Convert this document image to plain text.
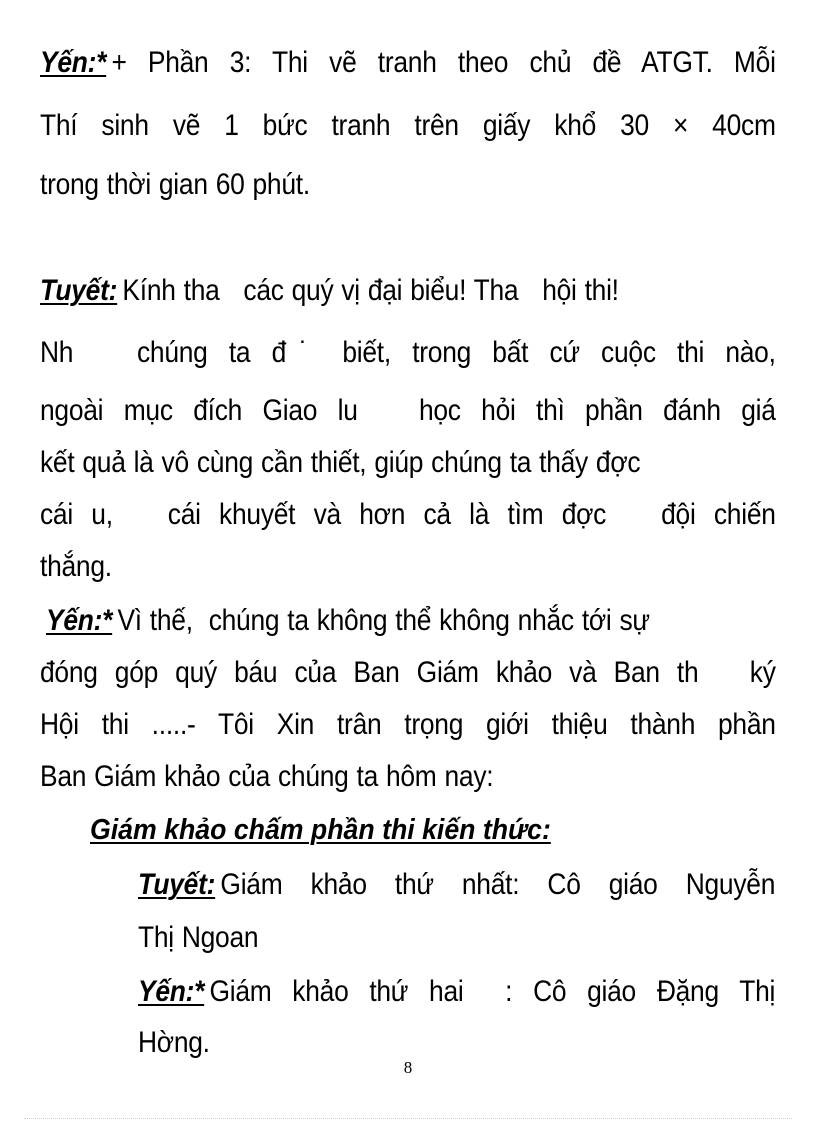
Yến:* + Phần 3: Thi vẽ tranh theo chủ đề ATGT. Mỗi
Thí sinh vẽ 1 bức tranh trên giấy khổ 30 × 40cm
trong thời gian 60 phút.
Tuyết: Kính tha   các quý vị đại biểu! Tha   hội thi!
Nh   chúng ta đ˙ biết, trong bất cứ cuộc thi nào,
ngoài mục đích Giao lu   học hỏi thì phần đánh giá
kết quả là vô cùng cần thiết, giúp chúng ta thấy đợc
cái u,   cái khuyết và hơn cả là tìm đợc   đội chiến
thắng.
Yến:* Vì thế,  chúng ta không thể không nhắc tới sự
đóng góp quý báu của Ban Giám khảo và Ban th   ký
Hội thi .....- Tôi Xin trân trọng giới thiệu thành phần
Ban Giám khảo của chúng ta hôm nay:
Giám khảo chấm phần thi kiến thức:
Tuyết: Giám khảo thứ nhất: Cô giáo Nguyễn
Thị Ngoan
Yến:* Giám khảo thứ hai  : Cô giáo Đặng Thị
Hờng.
8
